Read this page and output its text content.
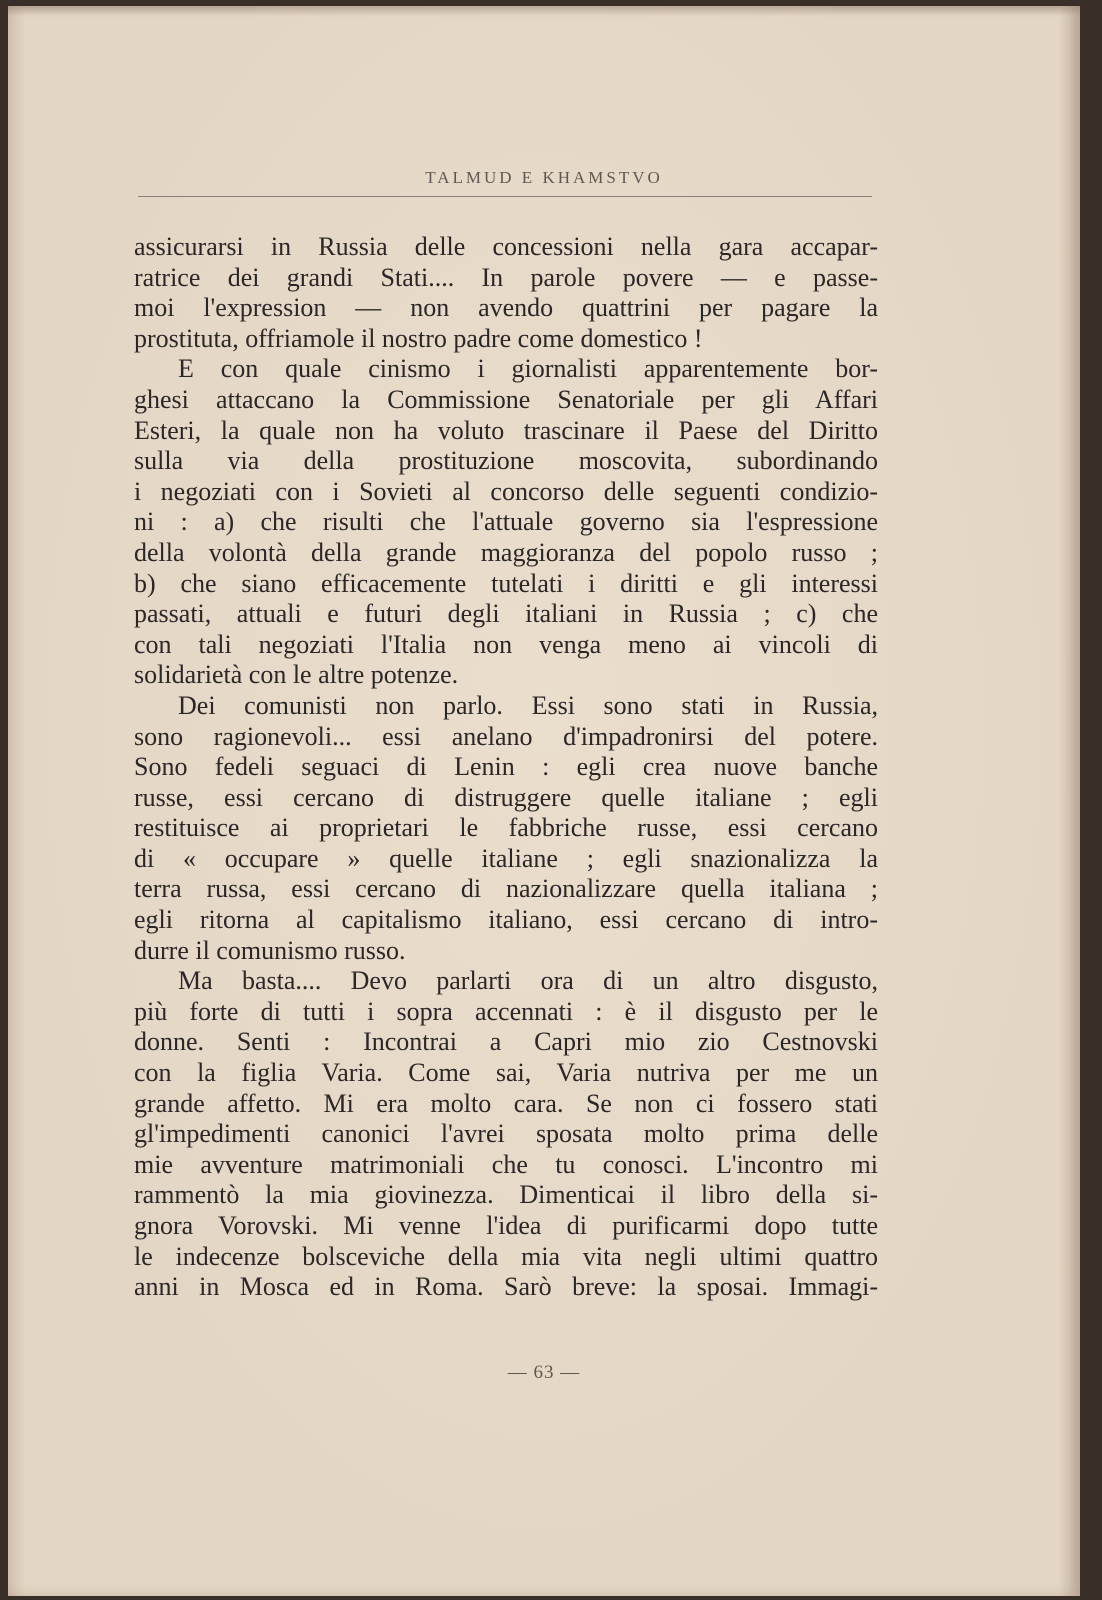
TALMUD E KHAMSTVO
assicurarsi in Russia delle concessioni nella gara accapar-
ratrice dei grandi Stati.... In parole povere — e passe-
moi l'expression — non avendo quattrini per pagare la
prostituta, offriamole il nostro padre come domestico !
E con quale cinismo i giornalisti apparentemente bor-
ghesi attaccano la Commissione Senatoriale per gli Affari
Esteri, la quale non ha voluto trascinare il Paese del Diritto
sulla via della prostituzione moscovita, subordinando
i negoziati con i Sovieti al concorso delle seguenti condizio-
ni : a) che risulti che l'attuale governo sia l'espressione
della volontà della grande maggioranza del popolo russo ;
b) che siano efficacemente tutelati i diritti e gli interessi
passati, attuali e futuri degli italiani in Russia ; c) che
con tali negoziati l'Italia non venga meno ai vincoli di
solidarietà con le altre potenze.
Dei comunisti non parlo. Essi sono stati in Russia,
sono ragionevoli... essi anelano d'impadronirsi del potere.
Sono fedeli seguaci di Lenin : egli crea nuove banche
russe, essi cercano di distruggere quelle italiane ; egli
restituisce ai proprietari le fabbriche russe, essi cercano
di « occupare » quelle italiane ; egli snazionalizza la
terra russa, essi cercano di nazionalizzare quella italiana ;
egli ritorna al capitalismo italiano, essi cercano di intro-
durre il comunismo russo.
Ma basta.... Devo parlarti ora di un altro disgusto,
più forte di tutti i sopra accennati : è il disgusto per le
donne. Senti : Incontrai a Capri mio zio Cestnovski
con la figlia Varia. Come sai, Varia nutriva per me un
grande affetto. Mi era molto cara. Se non ci fossero stati
gl'impedimenti canonici l'avrei sposata molto prima delle
mie avventure matrimoniali che tu conosci. L'incontro mi
rammentò la mia giovinezza. Dimenticai il libro della si-
gnora Vorovski. Mi venne l'idea di purificarmi dopo tutte
le indecenze bolsceviche della mia vita negli ultimi quattro
anni in Mosca ed in Roma. Sarò breve: la sposai. Immagi-
— 63 —
